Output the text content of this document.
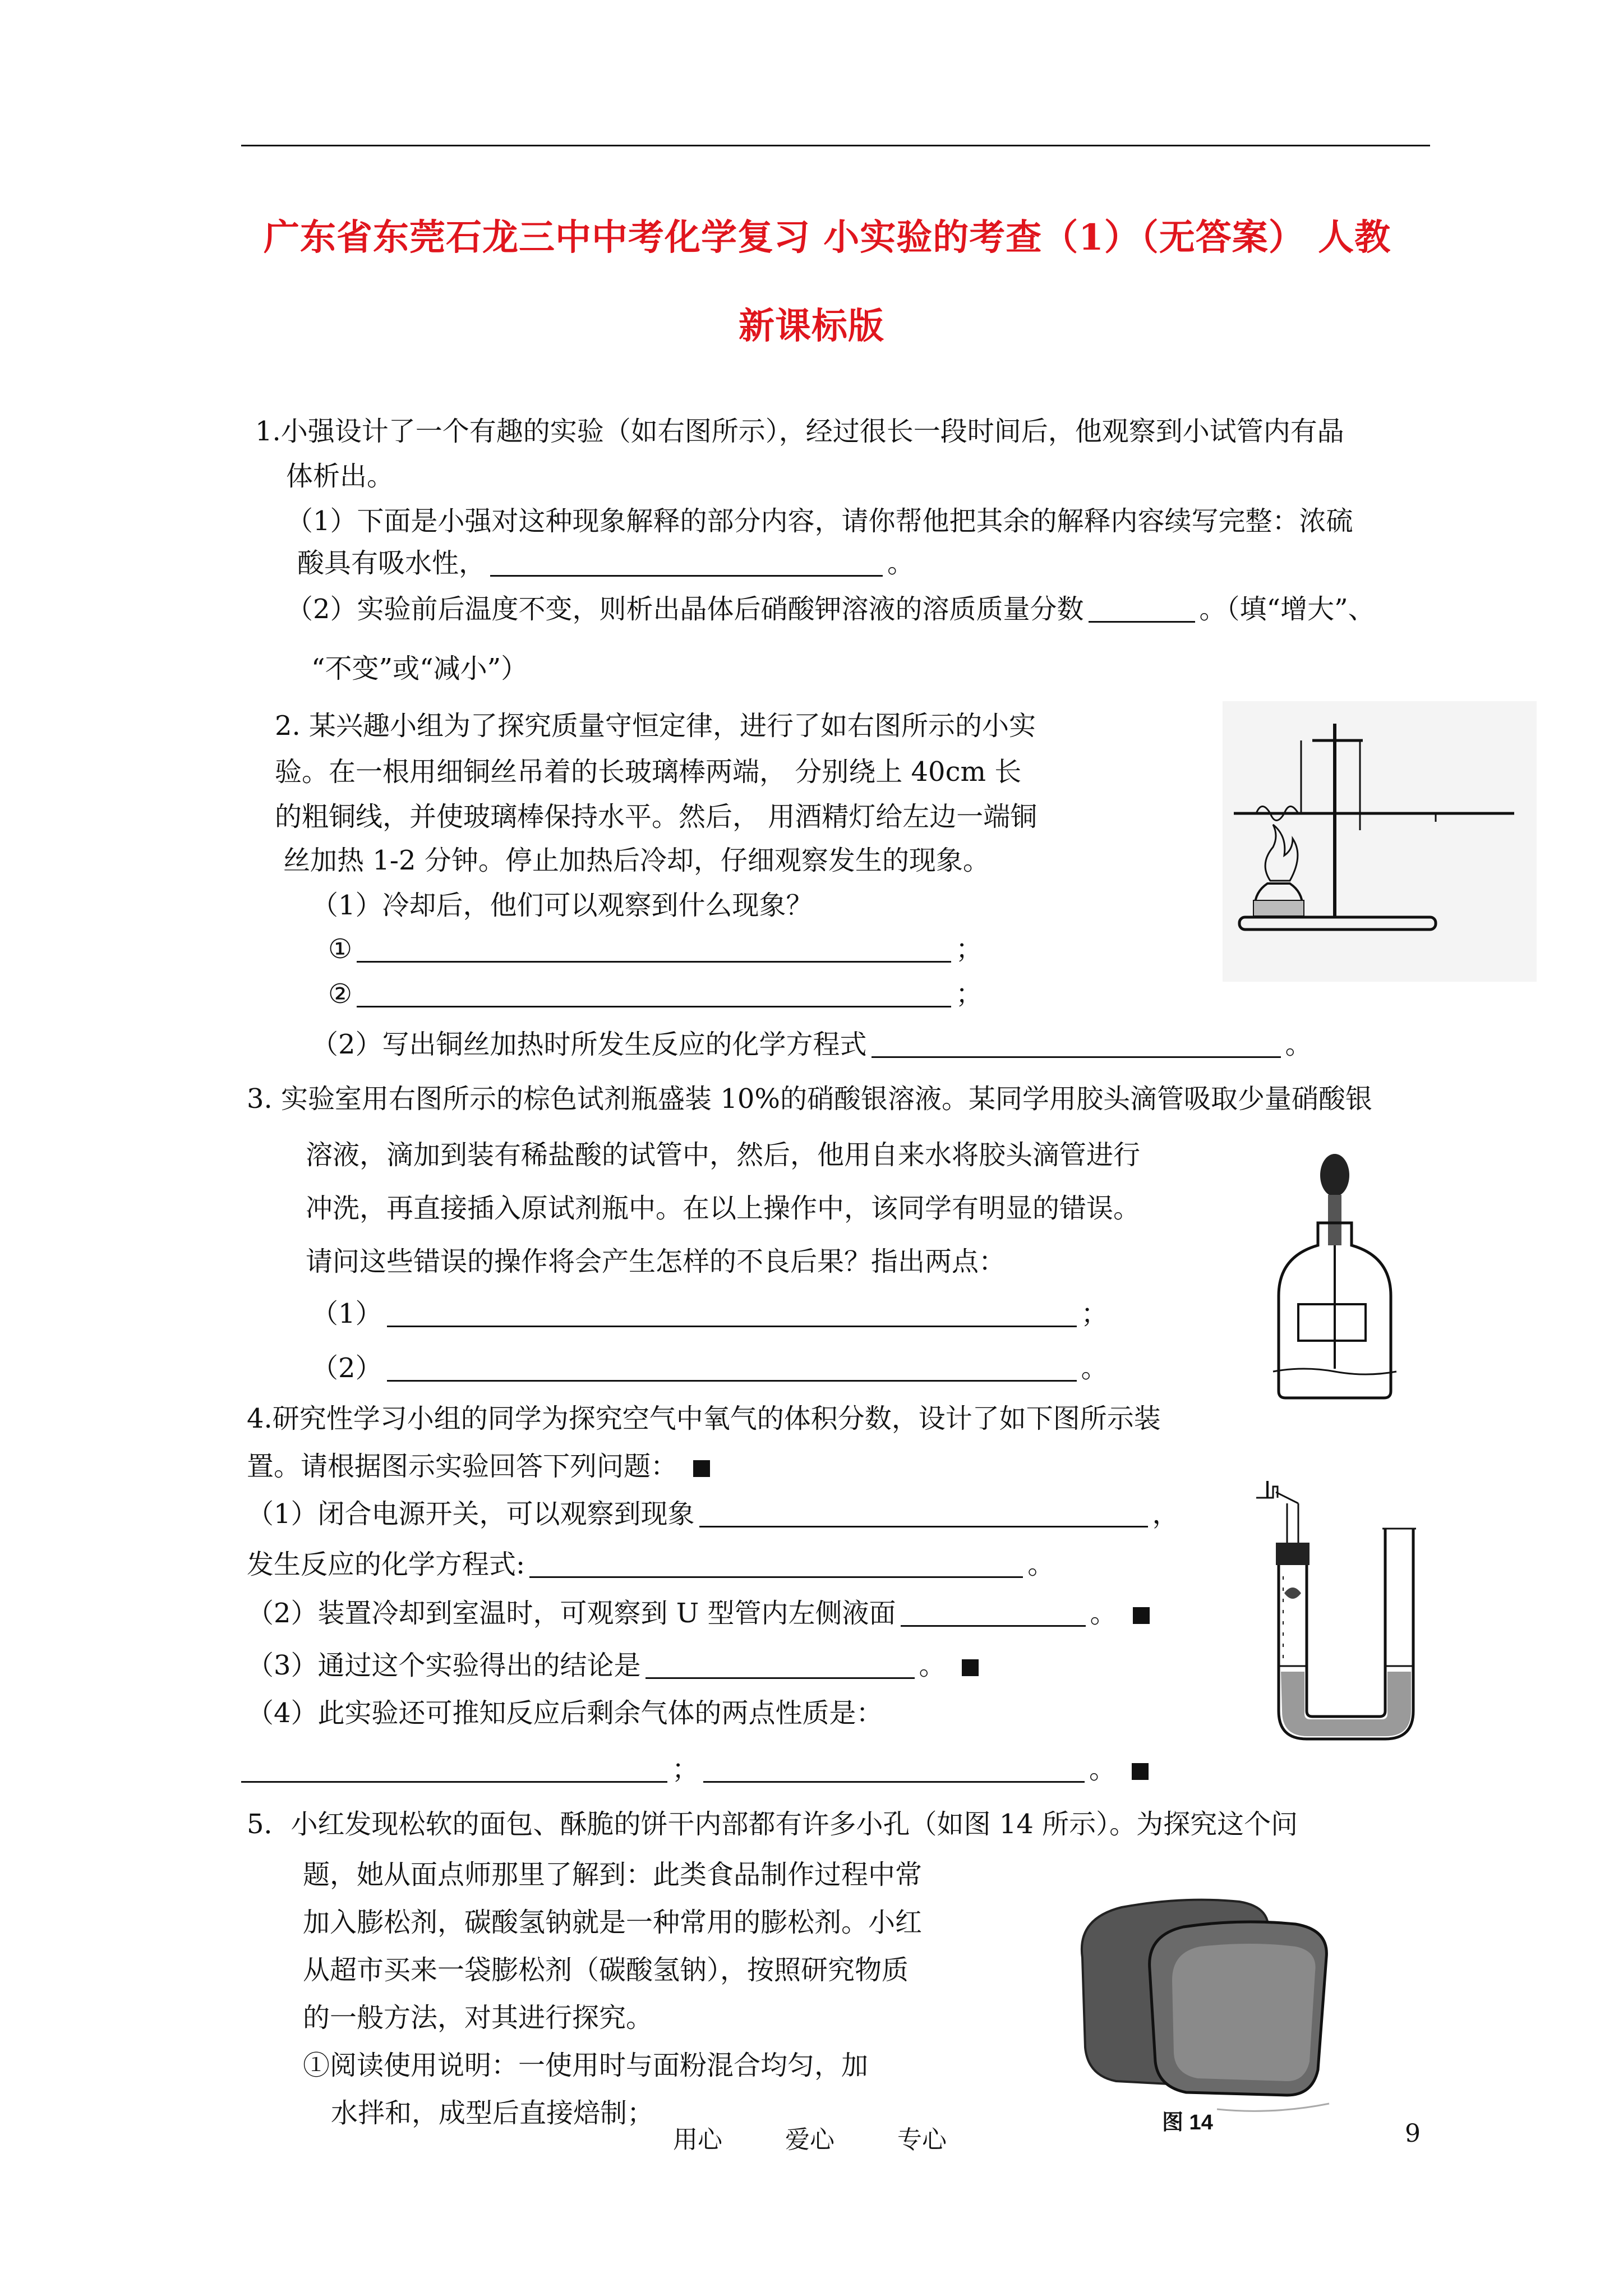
广东省东莞石龙三中中考化学复习 小实验的考查（1）（无答案） 人教
新课标版
1.小强设计了一个有趣的实验（如右图所示），经过很长一段时间后，他观察到小试管内有晶
体析出。
（1）下面是小强对这种现象解释的部分内容，请你帮他把其余的解释内容续写完整：浓硫
酸具有吸水性，	。
（2）实验前后温度不变，则析出晶体后硝酸钾溶液的溶质质量分数	。（填“增大”、
“不变”或“减小”）
2. 某兴趣小组为了探究质量守恒定律，进行了如右图所示的小实
验。在一根用细铜丝吊着的长玻璃棒两端， 分别绕上 40cm 长
的粗铜线，并使玻璃棒保持水平。然后， 用酒精灯给左边一端铜
丝加热 1-2 分钟。停止加热后冷却，仔细观察发生的现象。
（1）冷却后，他们可以观察到什么现象？
①	；
②	；
（2）写出铜丝加热时所发生反应的化学方程式	。
3. 实验室用右图所示的棕色试剂瓶盛装 10%的硝酸银溶液。某同学用胶头滴管吸取少量硝酸银
溶液，滴加到装有稀盐酸的试管中，然后，他用自来水将胶头滴管进行
冲洗，再直接插入原试剂瓶中。在以上操作中，该同学有明显的错误。
请问这些错误的操作将会产生怎样的不良后果？指出两点：
（1）	；
（2）	。
4.研究性学习小组的同学为探究空气中氧气的体积分数，设计了如下图所示装
置。请根据图示实验回答下列问题：
（1）闭合电源开关，可以观察到现象	，
发生反应的化学方程式:	。
（2）装置冷却到室温时，可观察到 U 型管内左侧液面	。
（3）通过这个实验得出的结论是	。
（4）此实验还可推知反应后剩余气体的两点性质是：
；	。
5．小红发现松软的面包、酥脆的饼干内部都有许多小孔（如图 14 所示）。为探究这个问
题，她从面点师那里了解到：此类食品制作过程中常
加入膨松剂，碳酸氢钠就是一种常用的膨松剂。小红
从超市买来一袋膨松剂（碳酸氢钠），按照研究物质
的一般方法，对其进行探究。
①阅读使用说明：一使用时与面粉混合均匀，加
水拌和，成型后直接焙制；	图 14
用心	爱心	专心	9
